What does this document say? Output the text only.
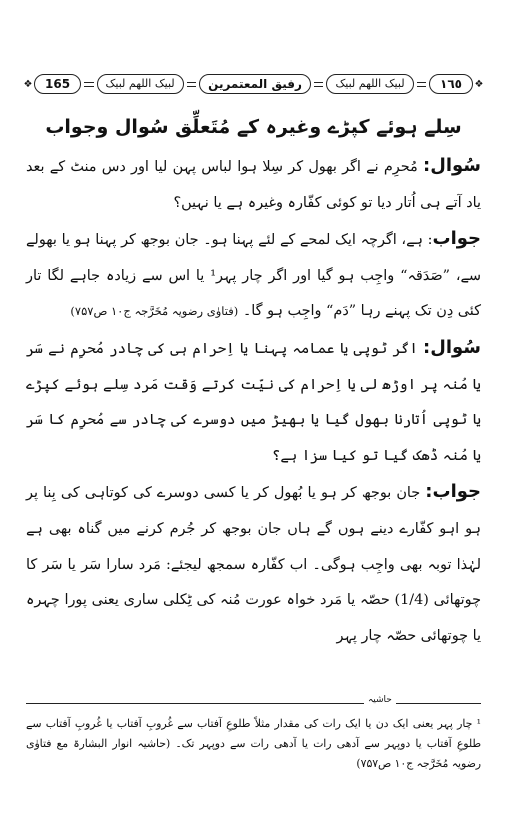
❖	165	لبیک اللھم لبیک	رفیق المعتمرین	لبیک اللھم لبیک	١٦٥	❖
سِلے ہوئے کپڑے وغیرہ کے مُتَعلِّق سُوال وجواب

سُوال: مُحرِم نے اگر بھول کر سِلا ہوا لباس پہن لیا اور دس منٹ کے بعد یاد آتے ہی اُتار دیا تو کوئی کفّارہ وغیرہ ہے یا نہیں؟

جواب: ہے، اگرچہ ایک لمحے کے لئے پہنا ہو۔ جان بوجھ کر پہنا ہو یا بھولے سے، ”صَدَقہ“ واجِب ہو گیا اور اگر چار پہر¹ یا اس سے زیادہ جاہے لگا تار کئی دِن تک پہنے رہا ”دَم“ واجِب ہو گا۔ (فتاوٰی رضویہ مُخَرَّجہ ج۱۰ ص۷۵۷)

سُوال: اگر ٹوپی یا عمامہ پہنا یا اِحرام ہی کی چادر مُحرِم نے سَر یا مُنہ پر اوڑھ لی یا اِحرام کی نیّت کرتے وَقت مَرد سِلے ہوئے کپڑے یا ٹوپی اُتارنا بھول گیا یا بھیڑ میں دوسرے کی چادر سے مُحرِم کا سَر یا مُنہ ڈھک گیا تو کیا سزا ہے؟

جواب: جان بوجھ کر ہو یا بُھول کر یا کسی دوسرے کی کوتاہی کی بِنا پر ہو اہو کفّارے دینے ہوں گے ہاں جان بوجھ کر جُرم کرنے میں گناہ بھی ہے لہٰذا توبہ بھی واجِب ہوگی۔ اب کفّارہ سمجھ لیجئے: مَرد سارا سَر یا سَر کا چوتھائی (1/4) حصّہ یا مَرد خواہ عورت مُنہ کی ٹِکلی ساری یعنی پورا چہرہ یا چوتھائی حصّہ چار پہر

حاشیہ
¹ چار پہر یعنی ایک دن یا ایک رات کی مقدار مثلاً طلوعِ آفتاب سے غُروبِ آفتاب یا غُروبِ آفتاب سے طلوعِ آفتاب یا دوپہر سے آدھی رات یا آدھی رات سے دوپہر تک۔ (حاشیہ انوار البشارۃ مع فتاوٰی رضویہ مُخَرَّجہ ج۱۰ ص۷۵۷)
